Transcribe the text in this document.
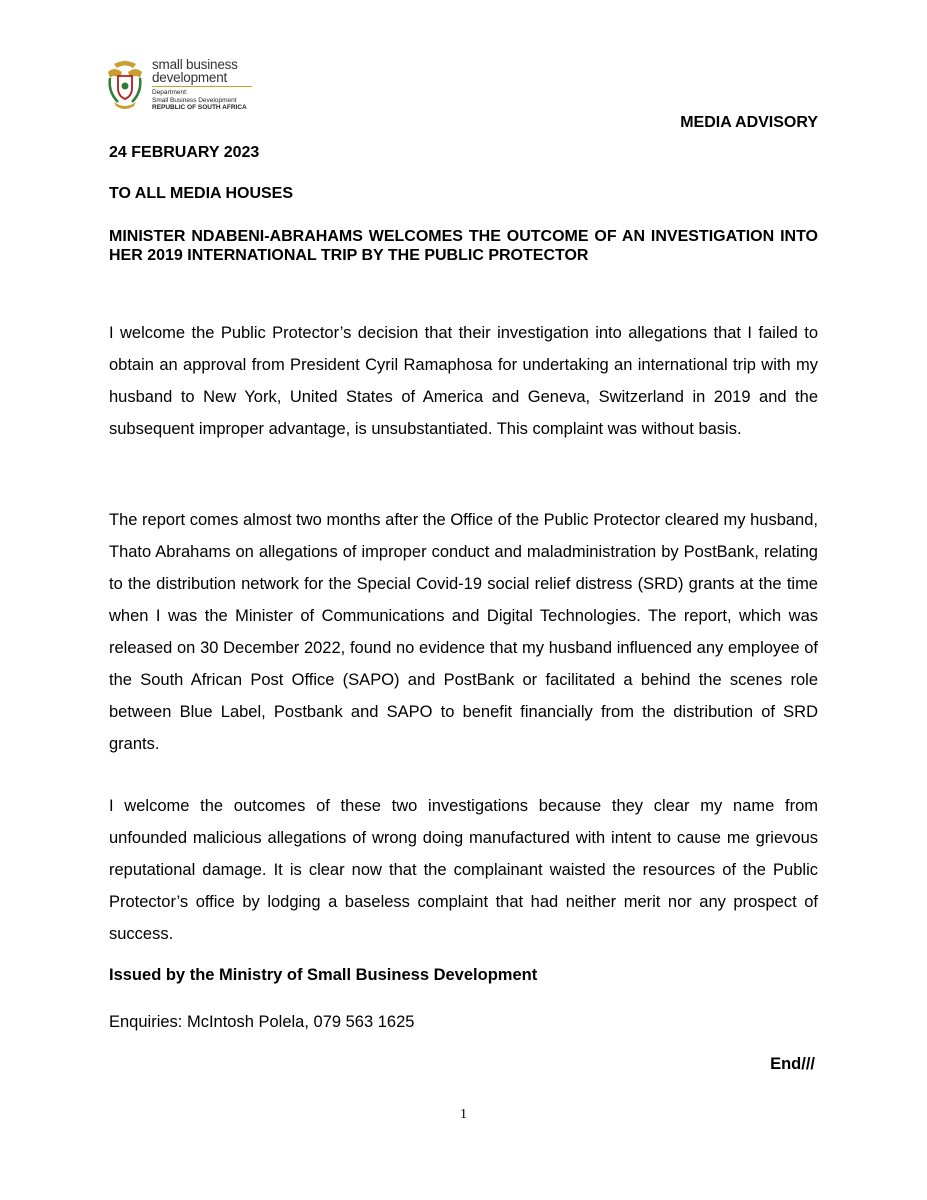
small business
development
Department:
Small Business Development
REPUBLIC OF SOUTH AFRICA
MEDIA ADVISORY
24 FEBRUARY 2023
TO ALL MEDIA HOUSES
MINISTER NDABENI-ABRAHAMS WELCOMES THE OUTCOME OF AN INVESTIGATION INTO HER 2019 INTERNATIONAL TRIP BY THE PUBLIC PROTECTOR

I welcome the Public Protector’s decision that their investigation into allegations that I failed to obtain an approval from President Cyril Ramaphosa for undertaking an international trip with my husband to New York, United States of America and Geneva, Switzerland in 2019 and the subsequent improper advantage, is unsubstantiated. This complaint was without basis.

The report comes almost two months after the Office of the Public Protector cleared my husband, Thato Abrahams on allegations of improper conduct and maladministration by PostBank, relating to the distribution network for the Special Covid-19 social relief distress (SRD) grants at the time when I was the Minister of Communications and Digital Technologies. The report, which was released on 30 December 2022, found no evidence that my husband influenced any employee of the South African Post Office (SAPO) and PostBank or facilitated a behind the scenes role between Blue Label, Postbank and SAPO to benefit financially from the distribution of SRD grants.

I welcome the outcomes of these two investigations because they clear my name from unfounded malicious allegations of wrong doing manufactured with intent to cause me grievous reputational damage. It is clear now that the complainant waisted the resources of the Public Protector’s office by lodging a baseless complaint that had neither merit nor any prospect of success.

Issued by the Ministry of Small Business Development
Enquiries: McIntosh Polela, 079 563 1625
End///
1
